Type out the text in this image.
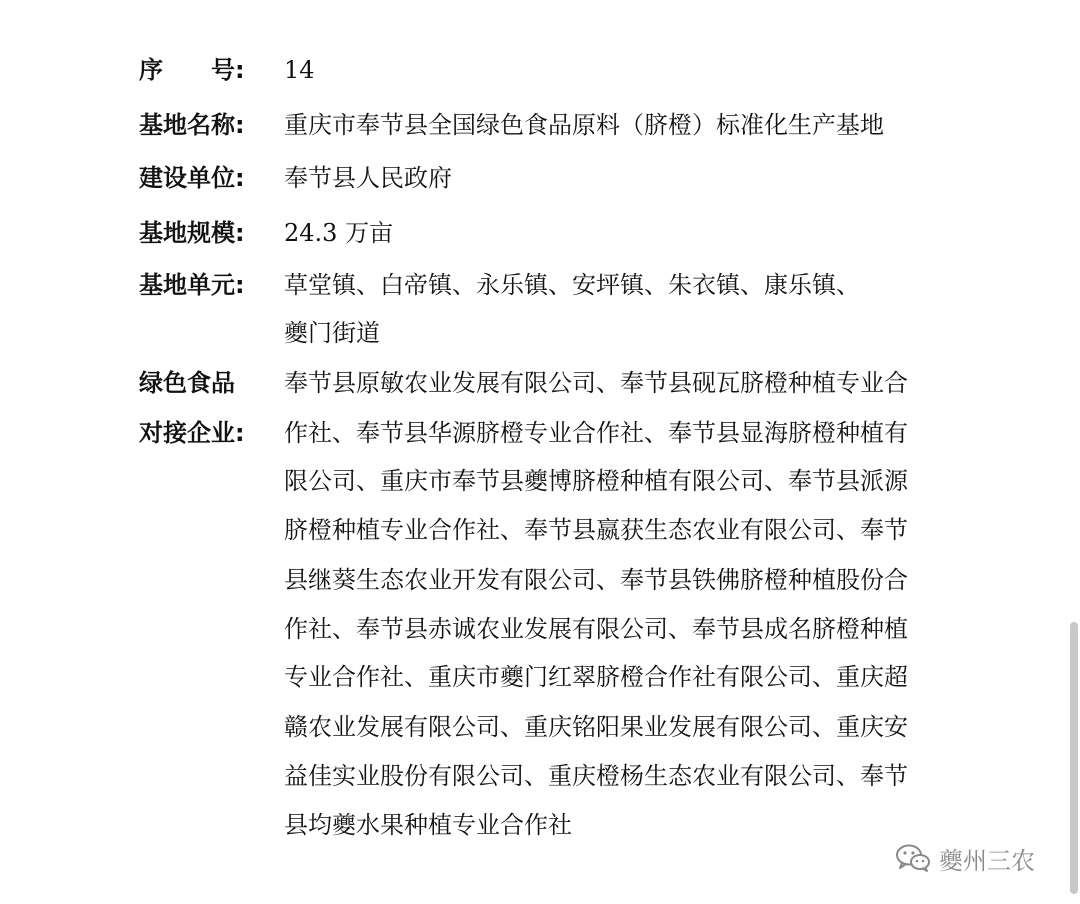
序 号: 14
基地名称: 重庆市奉节县全国绿色食品原料（脐橙）标准化生产基地
建设单位: 奉节县人民政府
基地规模: 24.3 万亩
基地单元: 草堂镇、白帝镇、永乐镇、安坪镇、朱衣镇、康乐镇、
夔门街道
绿色食品
对接企业:
奉节县原敏农业发展有限公司、奉节县砚瓦脐橙种植专业合
作社、奉节县华源脐橙专业合作社、奉节县显海脐橙种植有
限公司、重庆市奉节县夔博脐橙种植有限公司、奉节县派源
脐橙种植专业合作社、奉节县嬴获生态农业有限公司、奉节
县继葵生态农业开发有限公司、奉节县铁佛脐橙种植股份合
作社、奉节县赤诚农业发展有限公司、奉节县成名脐橙种植
专业合作社、重庆市夔门红翠脐橙合作社有限公司、重庆超
赣农业发展有限公司、重庆铭阳果业发展有限公司、重庆安
益佳实业股份有限公司、重庆橙杨生态农业有限公司、奉节
县均夔水果种植专业合作社
夔州三农
